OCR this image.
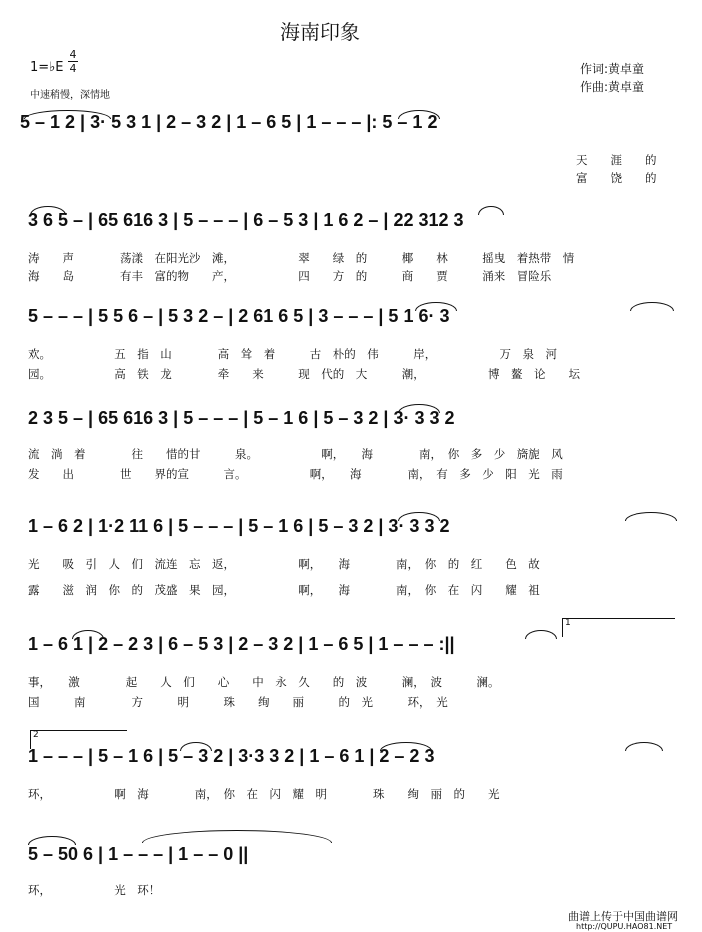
海南印象
1=♭E
4
4
中速稍慢，深情地
作词:黄卓童
作曲:黄卓童
5 – 1 2 | 3· 5 3 1 | 2 – 3 2 | 1 – 6 5 | 1 – – – |: 5 – 1 2
天　　涯　　的
富　　饶　　的
3 6 5 – | 65 616 3 | 5 – – – | 6 – 5 3 | 1 6 2 – | 22 312 3
涛　　声　　　　荡漾　在阳光沙　滩，　　　　　　翠　　绿　的　　　椰　　林　　　摇曳　着热带　情
海　　岛　　　　有丰　富的物　　产，　　　　　　四　　方　的　　　商　　贾　　　涌来　冒险乐
5 – – – | 5 5 6 – | 5 3 2 – | 2 61 6 5 | 3 – – – | 5 1 6· 3
欢。　　　　　　五　指　山　　　　高　耸　着　　　古　朴的　伟　　　岸，　　　　　　万　泉　河
园。　　　　　　高　铁　龙　　　　牵　　来　　　现　代的　大　　　潮，　　　　　　博　鳌　论　　坛
2 3 5 – | 65 616 3 | 5 – – – | 5 – 1 6 | 5 – 3 2 | 3· 3 3 2
流　淌　着　　　　往　　惜的甘　　　泉。　　　　　　啊，　　海　　　　南，　你　多　少　旖旎　风
发　　出　　　　世　　界的宣　　　言。　　　　　　啊，　　海　　　　南，　有　多　少　阳　光　雨
1 – 6 2 | 1·2 11 6 | 5 – – – | 5 – 1 6 | 5 – 3 2 | 3· 3 3 2
光　　吸　引　人　们　流连　忘　返，　　　　　　啊，　　海　　　　南，　你　的　红　　色　故
露　　滋　润　你　的　茂盛　果　园，　　　　　　啊，　　海　　　　南，　你　在　闪　　耀　祖
1
1 – 6 1 | 2 – 2 3 | 6 – 5 3 | 2 – 3 2 | 1 – 6 5 | 1 – – – :||
事，　　激　　　　起　　人　们　　心　　中　永　久　　的　波　　　澜，　波　　　澜。
国　　　南　　　　方　　　明　　　珠　　绚　　丽　　　的　光　　　环，　光
2
1 – – – | 5 – 1 6 | 5 – 3 2 | 3·3 3 2 | 1 – 6 1 | 2 – 2 3
环，　　　　　　啊　海　　　　南，　你　在　闪　耀　明　　　　珠　　绚　丽　的　　光
5 – 50 6 | 1 – – – | 1 – – 0 ||
环，　　　　　　光　环！
曲谱上传于中国曲谱网
http://QUPU.HAO81.NET
